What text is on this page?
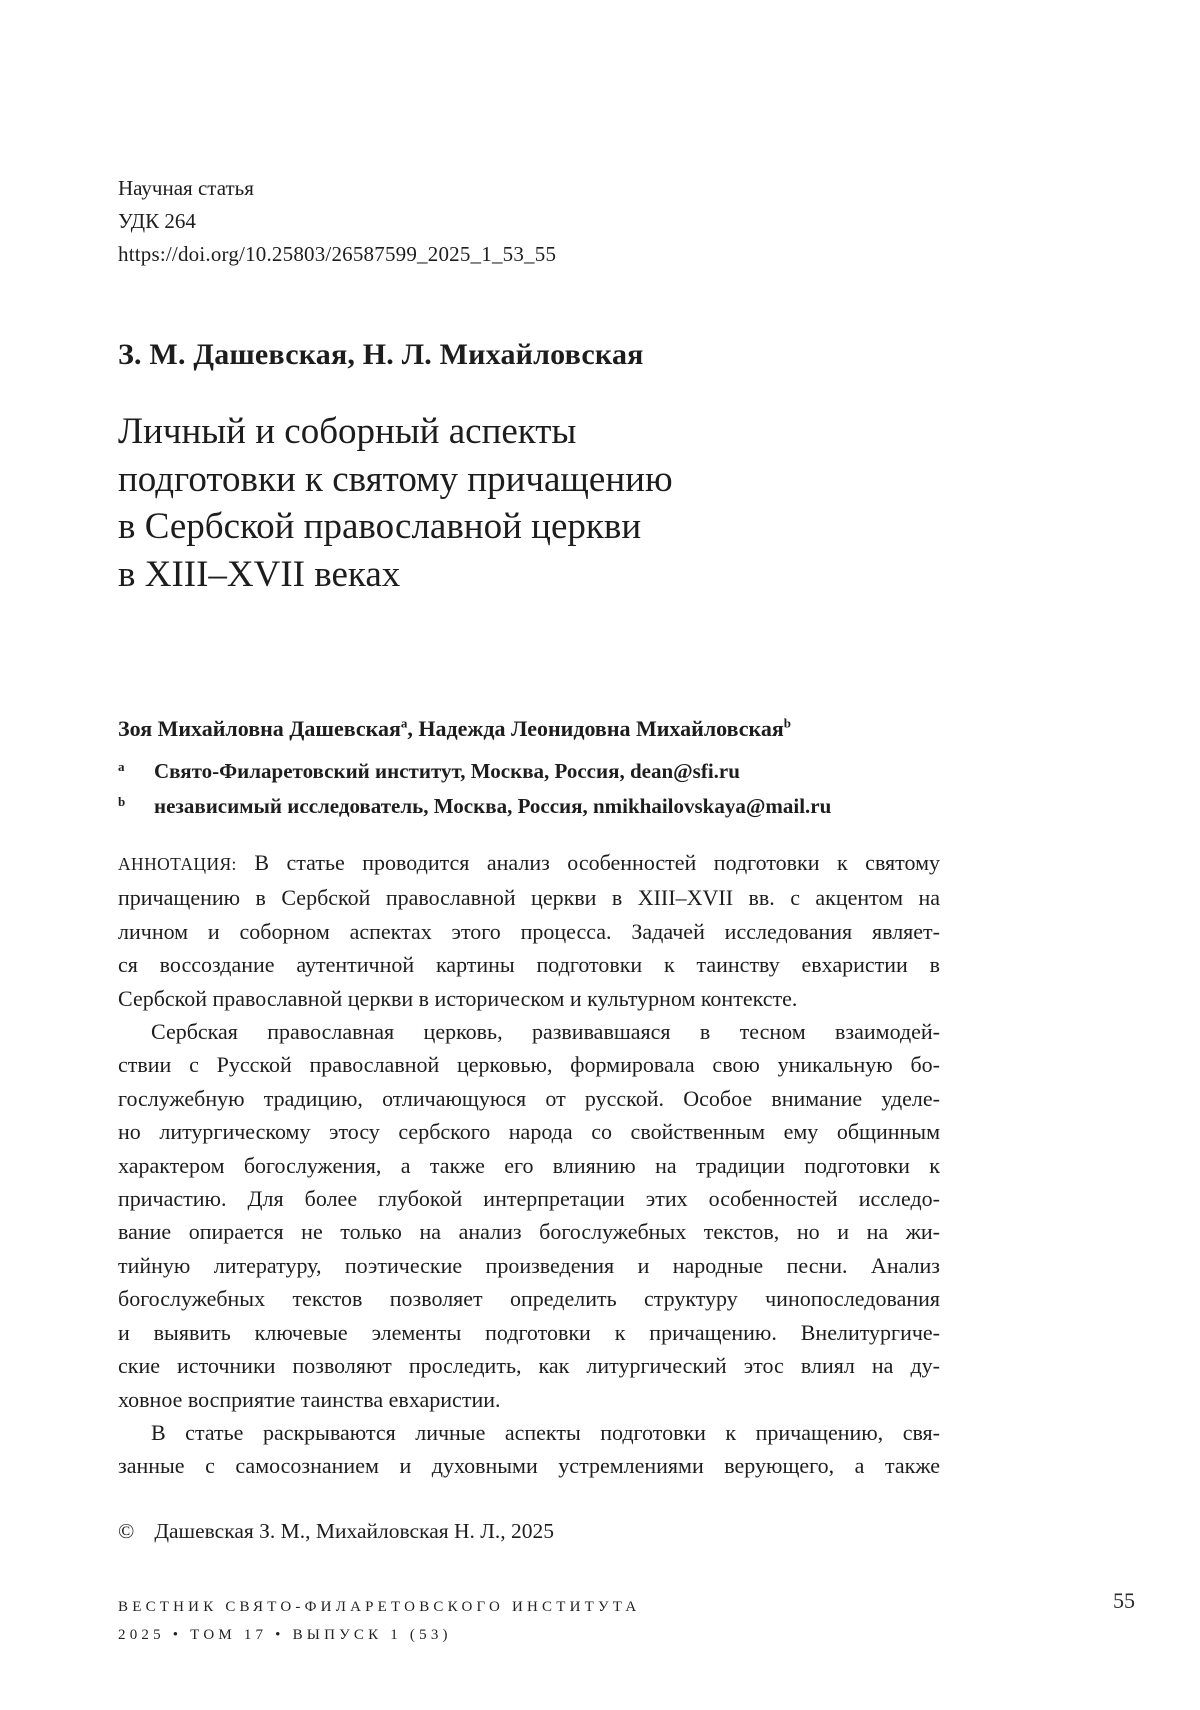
Научная статья
УДК 264
https://doi.org/10.25803/26587599_2025_1_53_55
З. М. Дашевская, Н. Л. Михайловская
Личный и соборный аспекты
подготовки к святому причащению
в Сербской православной церкви
в XIII–XVII веках
Зоя Михайловна Дашевская$^a$, Надежда Леонидовна Михайловская$^b$
a	Свято-Филаретовский институт, Москва, Россия, dean@sfi.ru
b	независимый исследователь, Москва, Россия, nmikhailovskaya@mail.ru
АННОТАЦИЯ: В статье проводится анализ особенностей подготовки к святому
причащению в Сербской православной церкви в XIII–XVII вв. с акцентом на
личном и соборном аспектах этого процесса. Задачей исследования являет-
ся воссоздание аутентичной картины подготовки к таинству евхаристии в
Сербской православной церкви в историческом и культурном контексте.
Сербская православная церковь, развивавшаяся в тесном взаимодей-
ствии с Русской православной церковью, формировала свою уникальную бо-
гослужебную традицию, отличающуюся от русской. Особое внимание уделе-
но литургическому этосу сербского народа со свойственным ему общинным
характером богослужения, а также его влиянию на традиции подготовки к
причастию. Для более глубокой интерпретации этих особенностей исследо-
вание опирается не только на анализ богослужебных текстов, но и на жи-
тийную литературу, поэтические произведения и народные песни. Анализ
богослужебных текстов позволяет определить структуру чинопоследования
и выявить ключевые элементы подготовки к причащению. Внелитургиче-
ские источники позволяют проследить, как литургический этос влиял на ду-
ховное восприятие таинства евхаристии.
В статье раскрываются личные аспекты подготовки к причащению, свя-
занные с самосознанием и духовными устремлениями верующего, а также
© Дашевская З. М., Михайловская Н. Л., 2025
ВЕСТНИК СВЯТО-ФИЛАРЕТОВСКОГО ИНСТИТУТА
2025 • ТОМ 17 • ВЫПУСК 1 (53)
55
